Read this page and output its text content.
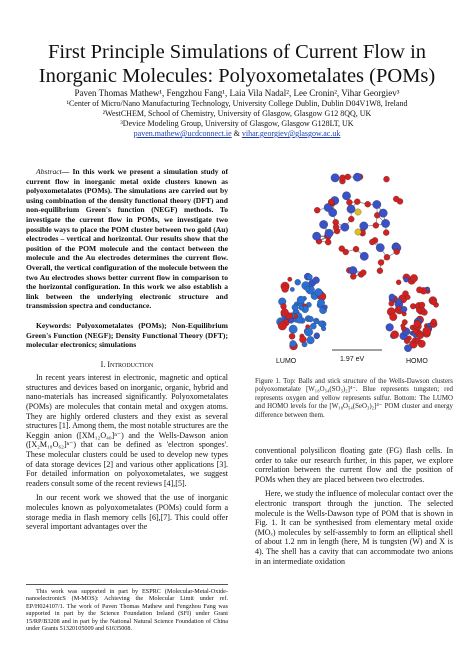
First Principle Simulations of Current Flow in Inorganic Molecules: Polyoxometalates (POMs)
Paven Thomas Mathew¹, Fengzhou Fang¹, Laia Vila Nadal², Lee Cronin², Vihar Georgiev³
¹Center of Micro/Nano Manufacturing Technology, University College Dublin, Dublin D04V1W8, Ireland
²WestCHEM, School of Chemistry, University of Glasgow, Glasgow G12 8QQ, UK
³Device Modeling Group, University of Glasgow, Glasgow G128LT, UK
paven.mathew@ucdconnect.ie & vihar.georgiev@glasgow.ac.uk
Abstract— In this work we present a simulation study of current flow in inorganic metal oxide clusters known as polyoxometalates (POMs). The simulations are carried out by using combination of the density functional theory (DFT) and non-equilibrium Green's function (NEGF) methods. To investigate the current flow in POMs, we investigate two possible ways to place the POM cluster between two gold (Au) electrodes – vertical and horizontal. Our results show that the position of the POM molecule and the contact between the molecule and the Au electrodes determines the current flow. Overall, the vertical configuration of the molecule between the two Au electrodes shows better current flow in comparison to the horizontal configuration. In this work we also establish a link between the underlying electronic structure and transmission spectra and conductance.
Keywords: Polyoxometalates (POMs); Non-Equilibrium Green's Function (NEGF); Density Functional Theory (DFT); molecular electronics; simulations
I. Introduction

In recent years interest in electronic, magnetic and optical structures and devices based on inorganic, organic, hybrid and nano-materials has increased significantly. Polyoxometalates (POMs) are molecules that contain metal and oxygen atoms. They are highly ordered clusters and they exist as several structures [1]. Among them, the most notable structures are the Keggin anion ([XM₁₂O₄₀]ⁿ⁻) and the Wells-Dawson anion ([X₂M₁₈O₆₂]ⁿ⁻) that can be defined as 'electron sponges'. These molecular clusters could be used to develop new types of data storage devices [2] and various other applications [3]. For detailed information on polyoxometalates, we suggest readers consult some of the recent reviews [4],[5].

In our recent work we showed that the use of inorganic molecules known as polyoxometalates (POMs) could form a storage media in flash memory cells [6],[7]. This could offer several important advantages over the

This work was supported in part by ESPRC (Molecular-Metal-Oxide-nanoelectronicS (M-MOS): Achieving the Molecular Limit under ref. EP/H024107/1. The work of Paven Thomas Mathew and Fengzhou Fang was supported in part by the Science Foundation Ireland (SFI) under Grant 15/RP/B3208 and in part by the National Natural Science Foundation of China under Grants 51320105009 and 61635008.

LUMO	1.97 eV	HOMO
Figure 1. Top: Balls and stick structure of the Wells-Dawson clusters polyoxometalate [W₁₈O₅₄(SO₃)₂]⁴⁻. Blue represents tungsten; red represents oxygen and yellow represents sulfur. Bottom: The LUMO and HOMO levels for the [W₁₈O₅₄(SeO₃)₂]⁴⁻ POM cluster and energy difference between them.

conventional polysilicon floating gate (FG) flash cells. In order to take our research further, in this paper, we explore correlation between the current flow and the position of POMs when they are placed between two electrodes.

Here, we study the influence of molecular contact over the electronic transport through the junction. The selected molecule is the Wells-Dawson type of POM that is shown in Fig. 1. It can be synthesised from elementary metal oxide (MOₓ) molecules by self-assembly to form an elliptical shell of about 1.2 nm in length (here, M is tungsten (W) and X is 4). The shell has a cavity that can accommodate two anions in an intermediate oxidation
